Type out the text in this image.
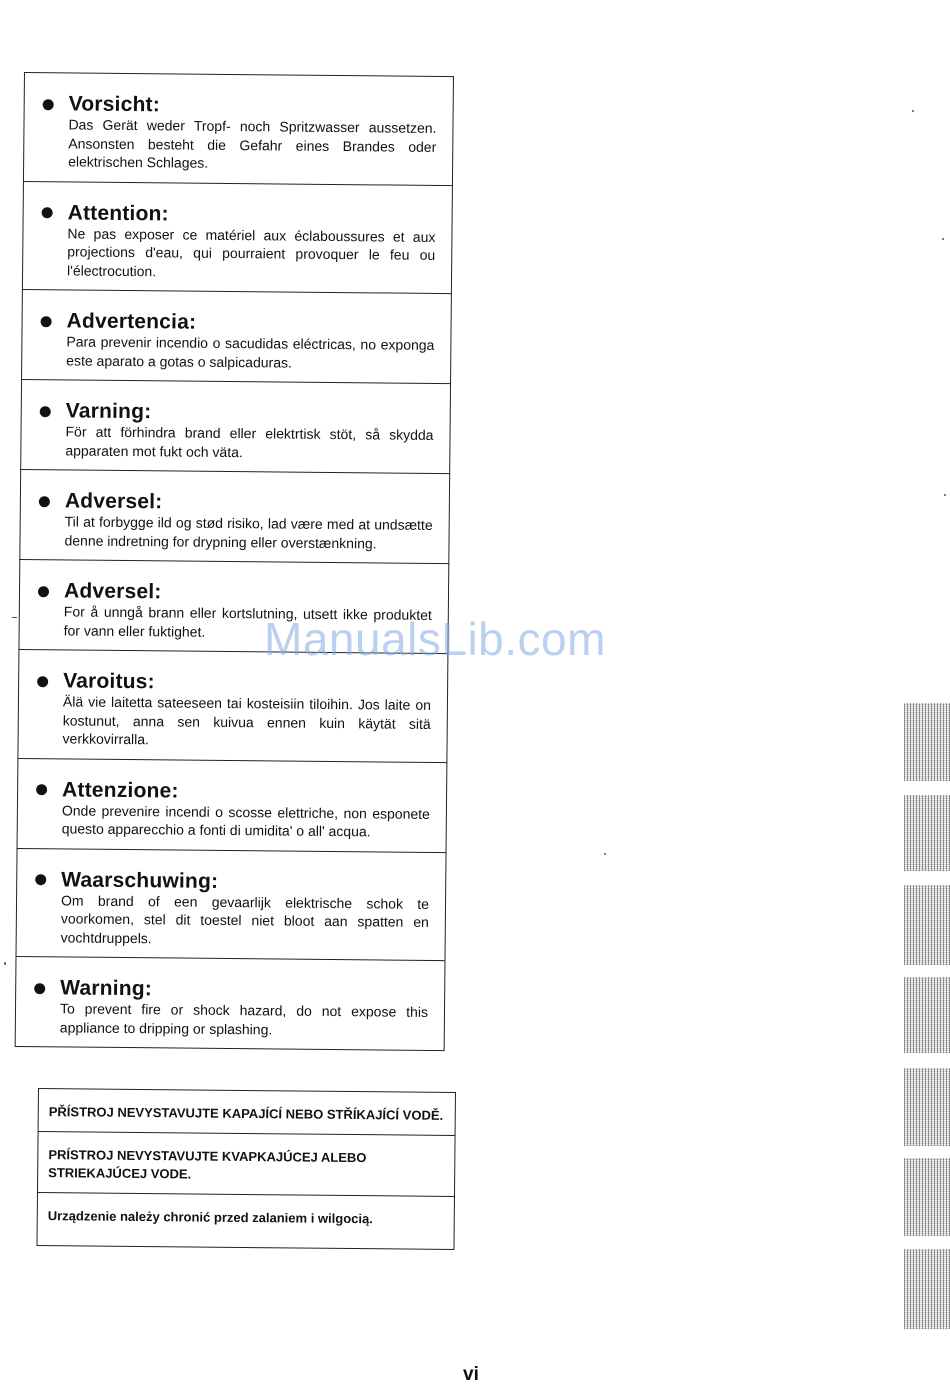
Vorsicht:
Das Gerät weder Tropf- noch Spritzwasser aussetzen. Ansonsten besteht die Gefahr eines Brandes oder elektrischen Schlages.
Attention:
Ne pas exposer ce matériel aux éclaboussures et aux projections d'eau, qui pourraient provoquer le feu ou l'électrocution.
Advertencia:
Para prevenir incendio o sacudidas eléctricas, no exponga este aparato a gotas o salpicaduras.
Varning:
För att förhindra brand eller elektrtisk stöt, så skydda apparaten mot fukt och väta.
Adversel:
Til at forbygge ild og stød risiko, lad være med at undsætte denne indretning for drypning eller overstænkning.
Adversel:
For å unngå brann eller kortslutning, utsett ikke produktet for vann eller fuktighet.
Varoitus:
Älä vie laitetta sateeseen tai kosteisiin tiloihin. Jos laite on kostunut, anna sen kuivua ennen kuin käytät sitä verkkovirralla.
Attenzione:
Onde prevenire incendi o scosse elettriche, non esponete questo apparecchio a fonti di umidita' o all' acqua.
Waarschuwing:
Om brand of een gevaarlijk elektrische schok te voorkomen, stel dit toestel niet bloot aan spatten en vochtdruppels.
Warning:
To prevent fire or shock hazard, do not expose this appliance to dripping or splashing.
PŘÍSTROJ NEVYSTAVUJTE KAPAJÍCÍ NEBO STŘÍKAJÍCÍ VODĚ.
PRÍSTROJ NEVYSTAVUJTE KVAPKAJÚCEJ ALEBO STRIEKAJÚCEJ VODE.
Urządzenie należy chronić przed zalaniem i wilgocią.
ManualsLib.com
vi
